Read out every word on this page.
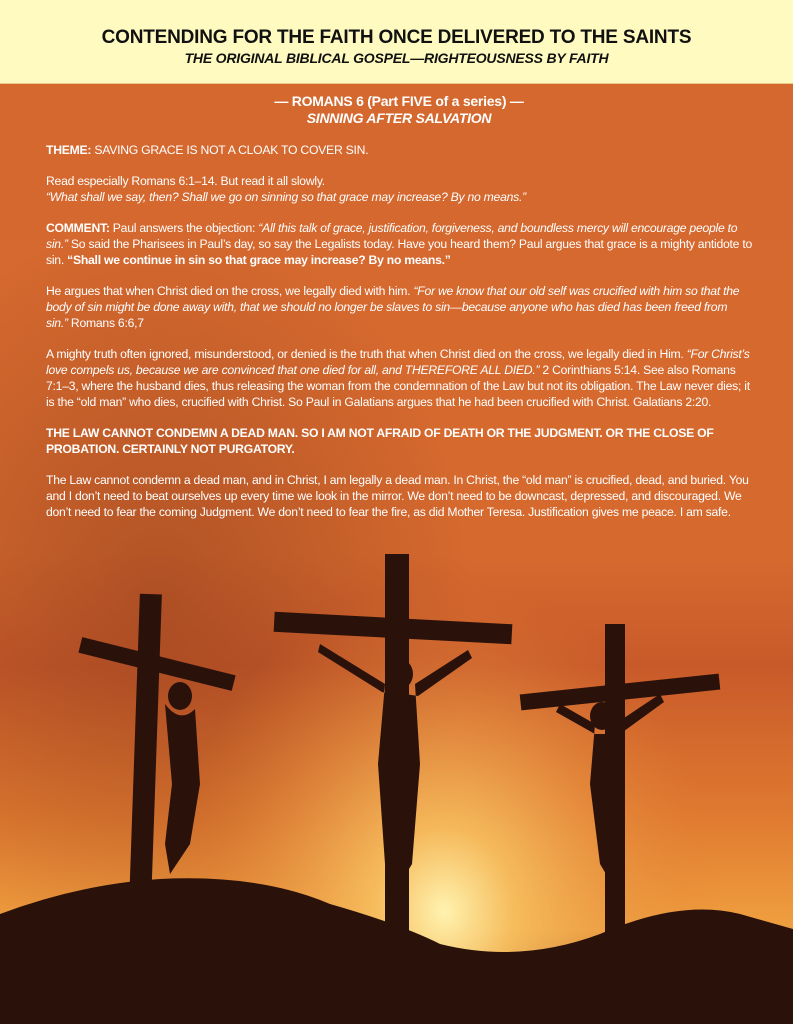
CONTENDING FOR THE FAITH ONCE DELIVERED TO THE SAINTS
THE ORIGINAL BIBLICAL GOSPEL—RIGHTEOUSNESS BY FAITH
— ROMANS 6 (Part FIVE of a series) —
SINNING AFTER SALVATION

THEME: SAVING GRACE IS NOT A CLOAK TO COVER SIN.

Read especially Romans 6:1–14. But read it all slowly.
“What shall we say, then? Shall we go on sinning so that grace may increase? By no means.”

COMMENT: Paul answers the objection: “All this talk of grace, justification, forgiveness, and boundless mercy will encourage people to sin.” So said the Pharisees in Paul’s day, so say the Legalists today. Have you heard them? Paul argues that grace is a mighty antidote to sin. “Shall we continue in sin so that grace may increase? By no means.”

He argues that when Christ died on the cross, we legally died with him. “For we know that our old self was crucified with him so that the body of sin might be done away with, that we should no longer be slaves to sin—because anyone who has died has been freed from sin.” Romans 6:6,7

A mighty truth often ignored, misunderstood, or denied is the truth that when Christ died on the cross, we legally died in Him. “For Christ’s love compels us, because we are convinced that one died for all, and THEREFORE ALL DIED.” 2 Corinthians 5:14. See also Romans 7:1–3, where the husband dies, thus releasing the woman from the condemnation of the Law but not its obligation. The Law never dies; it is the “old man” who dies, crucified with Christ. So Paul in Galatians argues that he had been crucified with Christ. Galatians 2:20.

THE LAW CANNOT CONDEMN A DEAD MAN. SO I AM NOT AFRAID OF DEATH OR THE JUDGMENT. OR THE CLOSE OF PROBATION. CERTAINLY NOT PURGATORY.

The Law cannot condemn a dead man, and in Christ, I am legally a dead man. In Christ, the “old man” is crucified, dead, and buried. You and I don’t need to beat ourselves up every time we look in the mirror. We don’t need to be downcast, depressed, and discouraged. We don’t need to fear the coming Judgment. We don’t need to fear the fire, as did Mother Teresa. Justification gives me peace. I am safe.
